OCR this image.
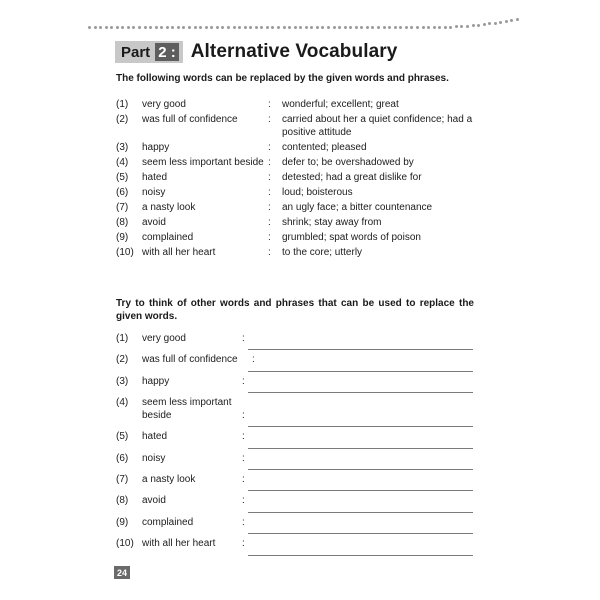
Part 2 : Alternative Vocabulary
The following words can be replaced by the given words and phrases.
(1)	very good	:	wonderful; excellent; great
(2)	was full of confidence	:	carried about her a quiet confidence; had a positive attitude
(3)	happy	:	contented; pleased
(4)	seem less important beside :	defer to; be overshadowed by
(5)	hated	:	detested; had a great dislike for
(6)	noisy	:	loud; boisterous
(7)	a nasty look	:	an ugly face; a bitter countenance
(8)	avoid	:	shrink; stay away from
(9)	complained	:	grumbled; spat words of poison
(10) with all her heart	:	to the core; utterly
Try to think of other words and phrases that can be used to replace the given words.
(1)	very good	:
(2)	was full of confidence	:
(3)	happy	:
(4)	seem less important beside	:
(5)	hated	:
(6)	noisy	:
(7)	a nasty look	:
(8)	avoid	:
(9)	complained	:
(10) with all her heart	:
24
